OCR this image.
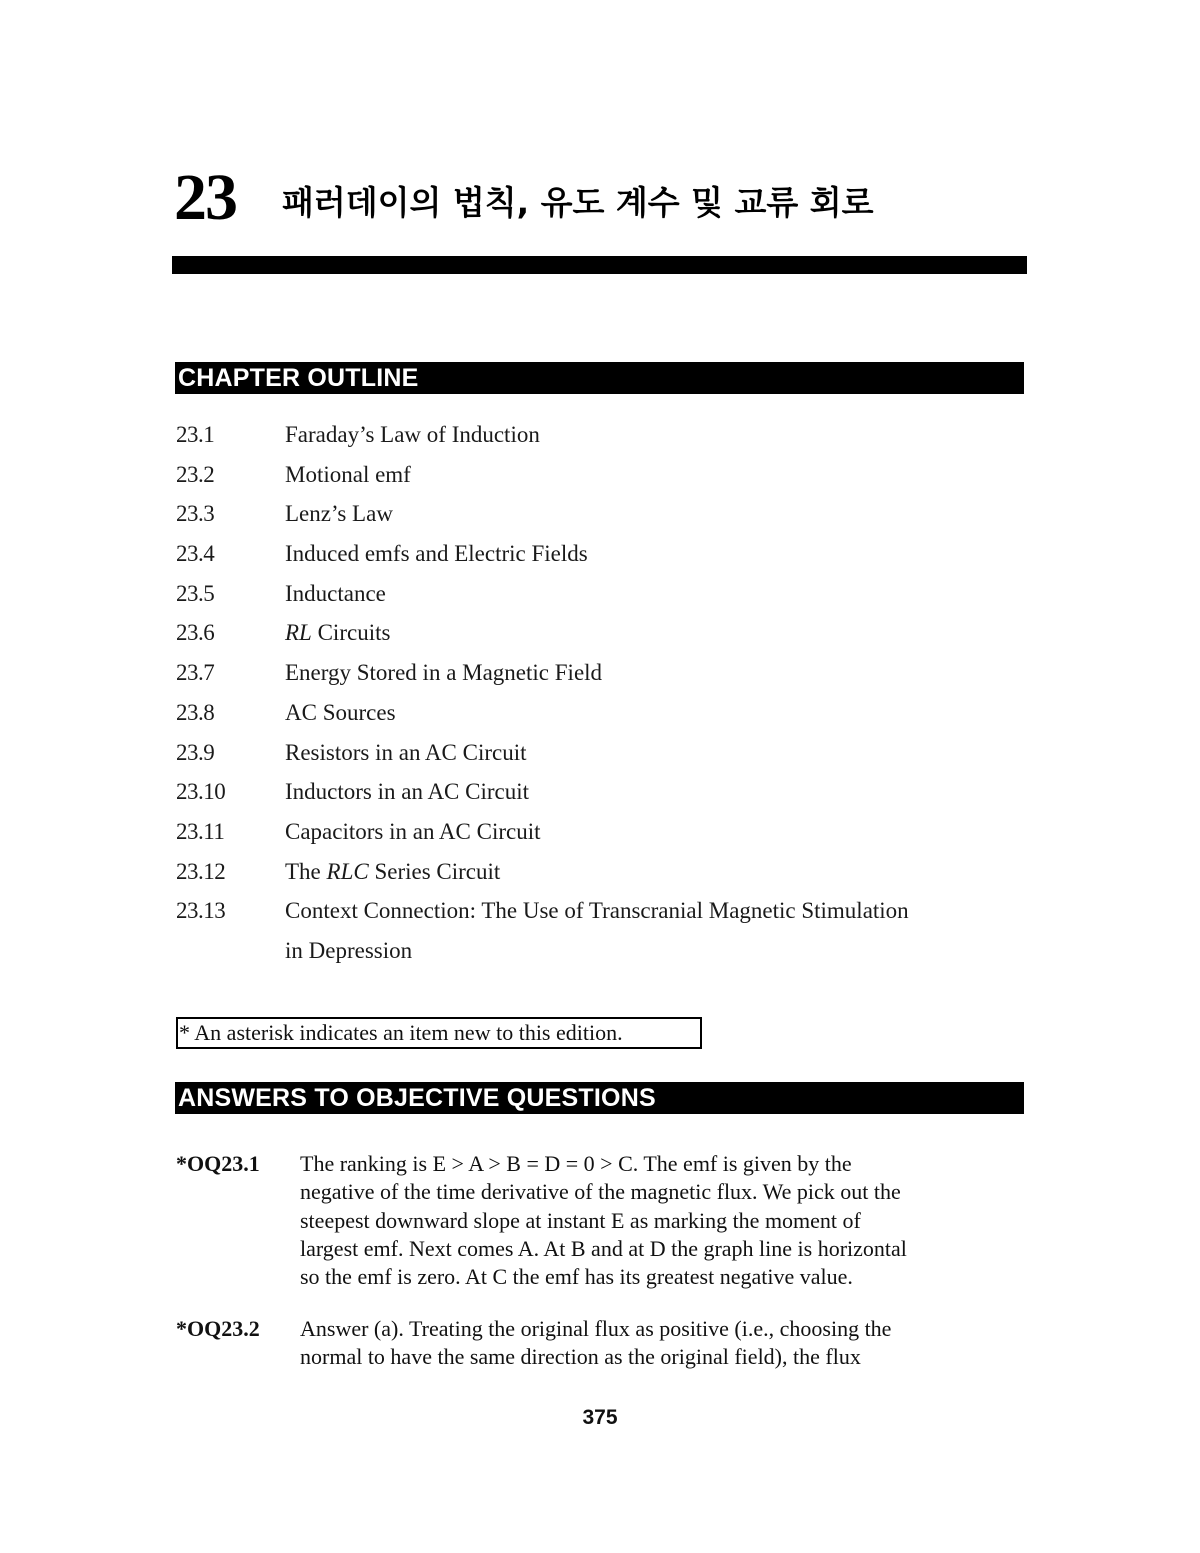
23 패러데이의 법칙, 유도 계수 및 교류 회로
CHAPTER OUTLINE
23.1	Faraday’s Law of Induction
23.2	Motional emf
23.3	Lenz’s Law
23.4	Induced emfs and Electric Fields
23.5	Inductance
23.6	RL Circuits
23.7	Energy Stored in a Magnetic Field
23.8	AC Sources
23.9	Resistors in an AC Circuit
23.10	Inductors in an AC Circuit
23.11	Capacitors in an AC Circuit
23.12	The RLC Series Circuit
23.13	Context Connection: The Use of Transcranial Magnetic Stimulation
in Depression
* An asterisk indicates an item new to this edition.
ANSWERS TO OBJECTIVE QUESTIONS
*OQ23.1 The ranking is E > A > B = D = 0 > C. The emf is given by the
negative of the time derivative of the magnetic flux. We pick out the
steepest downward slope at instant E as marking the moment of
largest emf. Next comes A. At B and at D the graph line is horizontal
so the emf is zero. At C the emf has its greatest negative value.
*OQ23.2 Answer (a). Treating the original flux as positive (i.e., choosing the
normal to have the same direction as the original field), the flux
375
